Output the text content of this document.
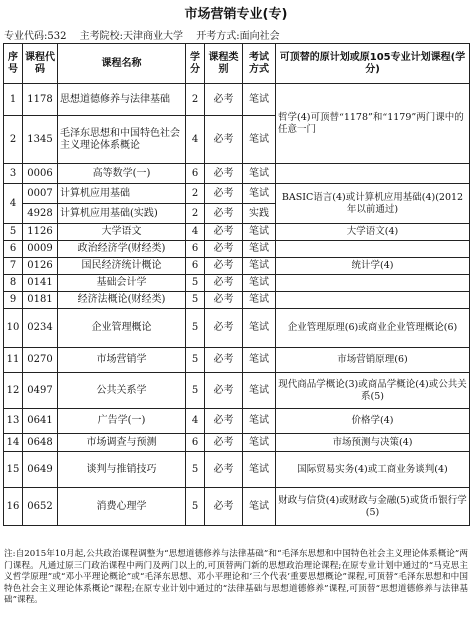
市场营销专业(专)
专业代码:532 主考院校:天津商业大学 开考方式:面向社会
序号	课程代码	课程名称	学分	课程类别	考试方式	可顶替的原计划或原105专业计划课程(学分)
1	1178	思想道德修养与法律基础	2	必考	笔试	哲学(4)可顶替“1178”和“1179”两门课中的任意一门
2	1345	毛泽东思想和中国特色社会主义理论体系概论	4	必考	笔试	
3	0006	高等数学(一)	6	必考	笔试	
4	0007	计算机应用基础	2	必考	笔试	BASIC语言(4)或计算机应用基础(4)(2012年以前通过)
	4928	计算机应用基础(实践)	2	必考	实践	
5	1126	大学语文	4	必考	笔试	大学语文(4)
6	0009	政治经济学(财经类)	6	必考	笔试	
7	0126	国民经济统计概论	6	必考	笔试	统计学(4)
8	0141	基础会计学	5	必考	笔试	
9	0181	经济法概论(财经类)	5	必考	笔试	
10	0234	企业管理概论	5	必考	笔试	企业管理原理(6)或商业企业管理概论(6)
11	0270	市场营销学	5	必考	笔试	市场营销原理(6)
12	0497	公共关系学	5	必考	笔试	现代商品学概论(3)或商品学概论(4)或公共关系(5)
13	0641	广告学(一)	4	必考	笔试	价格学(4)
14	0648	市场调查与预测	6	必考	笔试	市场预测与决策(4)
15	0649	谈判与推销技巧	5	必考	笔试	国际贸易实务(4)或工商业务谈判(4)
16	0652	消费心理学	5	必考	笔试	财政与信贷(4)或财政与金融(5)或货币银行学(5)
注:自2015年10月起,公共政治课程调整为“思想道德修养与法律基础”和“毛泽东思想和中国特色社会主义理论体系概论”两门课程。凡通过原三门政治课程中两门及两门以上的,可顶替两门新的思想政治理论课程;在原专业计划中通过的“马克思主义哲学原理”或“邓小平理论概论”或“毛泽东思想、邓小平理论和‘三个代表’重要思想概论”课程,可顶替“毛泽东思想和中国特色社会主义理论体系概论”课程;在原专业计划中通过的“法律基础与思想道德修养”课程,可顶替“思想道德修养与法律基础”课程。
